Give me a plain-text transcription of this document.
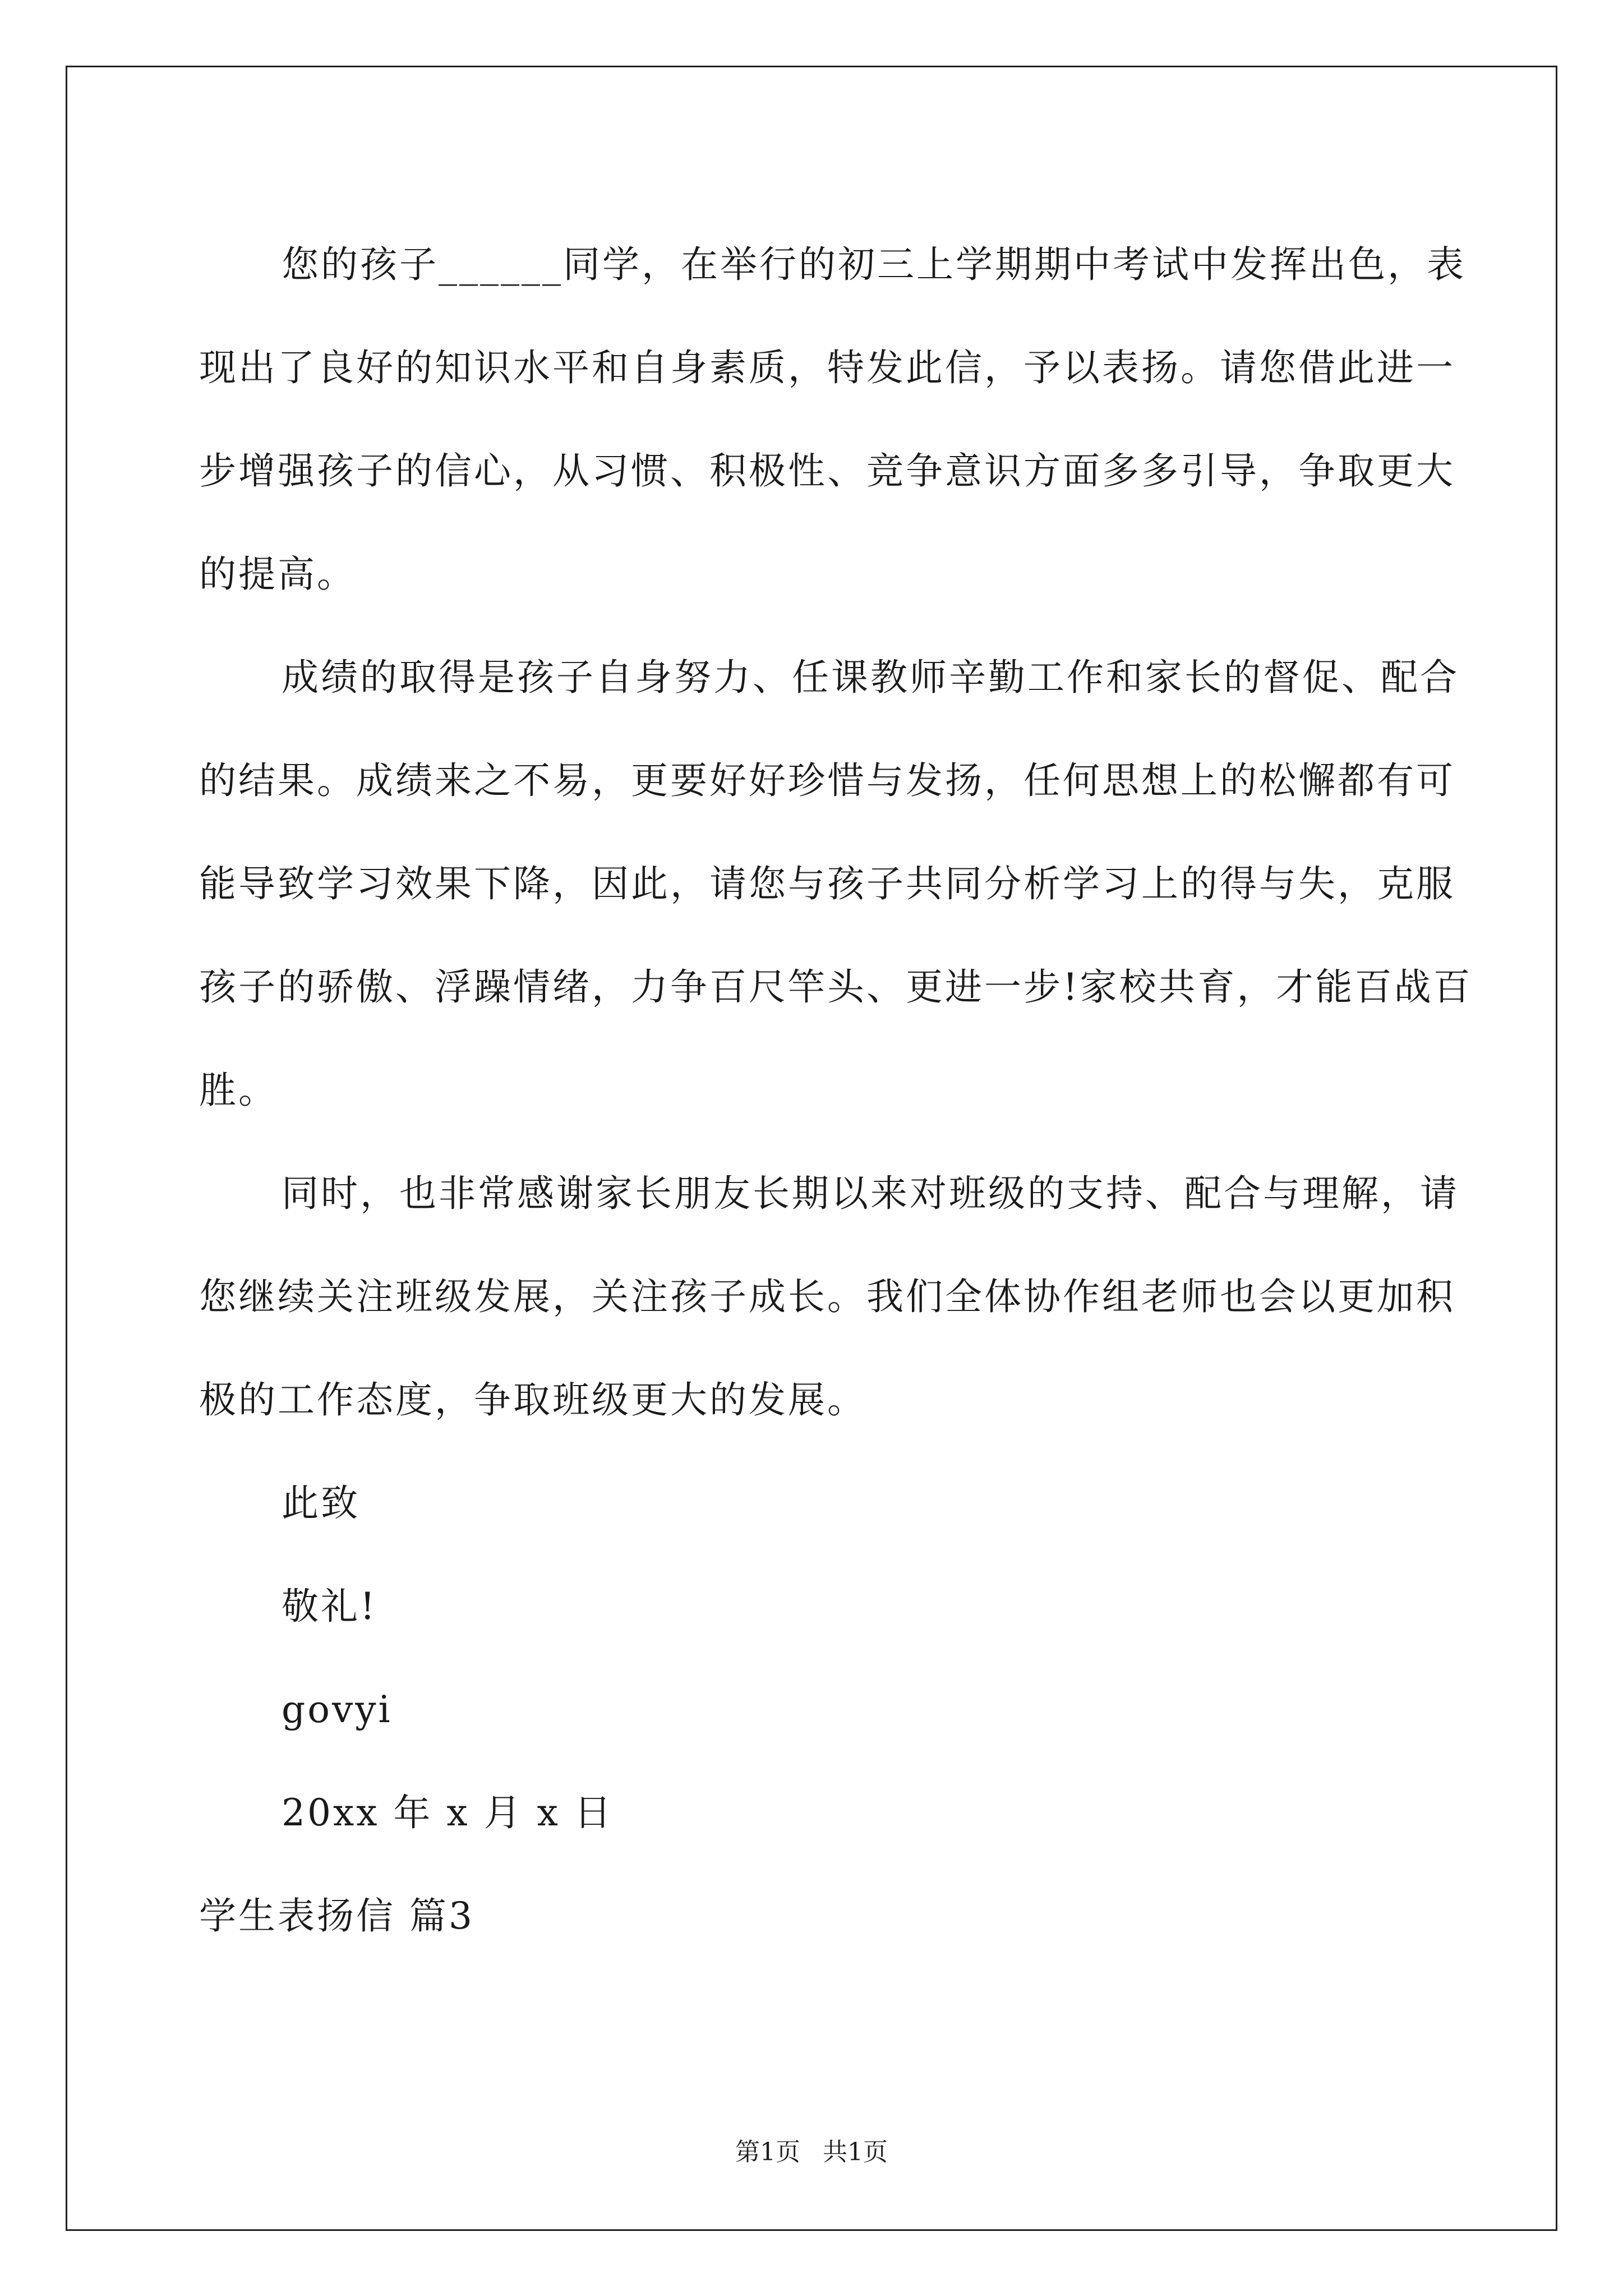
您的孩子______同学，在举行的初三上学期期中考试中发挥出色，表现出了良好的知识水平和自身素质，特发此信，予以表扬。请您借此进一步增强孩子的信心，从习惯、积极性、竞争意识方面多多引导，争取更大的提高。

成绩的取得是孩子自身努力、任课教师辛勤工作和家长的督促、配合的结果。成绩来之不易，更要好好珍惜与发扬，任何思想上的松懈都有可能导致学习效果下降，因此，请您与孩子共同分析学习上的得与失，克服孩子的骄傲、浮躁情绪，力争百尺竿头、更进一步!家校共育，才能百战百胜。

同时，也非常感谢家长朋友长期以来对班级的支持、配合与理解，请您继续关注班级发展，关注孩子成长。我们全体协作组老师也会以更加积极的工作态度，争取班级更大的发展。

此致

敬礼!

govyi

20xx 年 x 月 x 日

学生表扬信 篇3

第1页 共1页
